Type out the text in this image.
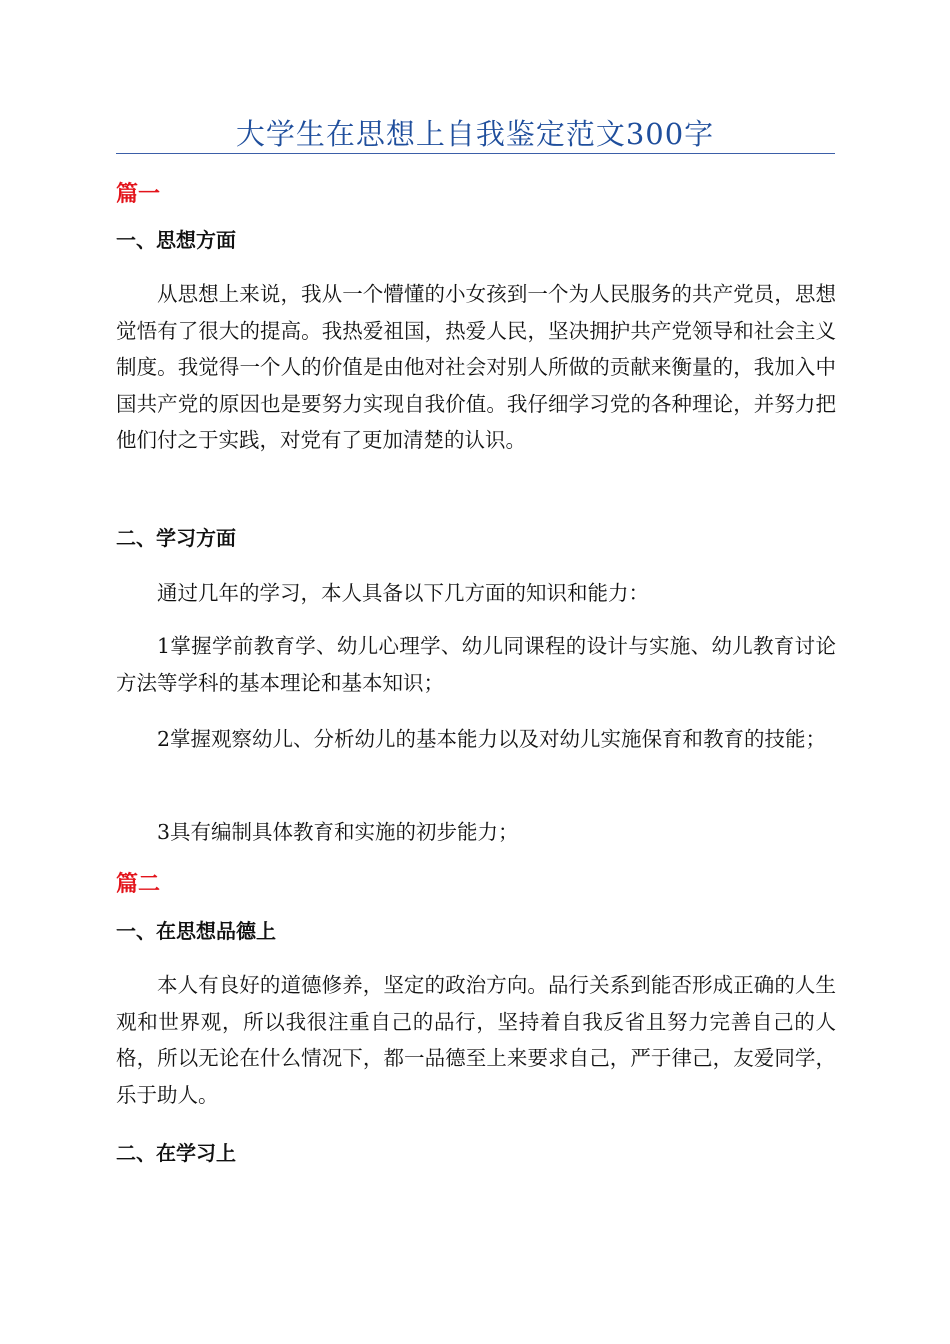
大学生在思想上自我鉴定范文300字
篇一
一、思想方面

从思想上来说，我从一个懵懂的小女孩到一个为人民服务的共产党员，思想觉悟有了很大的提高。我热爱祖国，热爱人民，坚决拥护共产党领导和社会主义制度。我觉得一个人的价值是由他对社会对别人所做的贡献来衡量的，我加入中国共产党的原因也是要努力实现自我价值。我仔细学习党的各种理论，并努力把他们付之于实践，对党有了更加清楚的认识。

二、学习方面

通过几年的学习，本人具备以下几方面的知识和能力：

1掌握学前教育学、幼儿心理学、幼儿同课程的设计与实施、幼儿教育讨论方法等学科的基本理论和基本知识；

2掌握观察幼儿、分析幼儿的基本能力以及对幼儿实施保育和教育的技能；

3具有编制具体教育和实施的初步能力；

篇二
一、在思想品德上

本人有良好的道德修养，坚定的政治方向。品行关系到能否形成正确的人生观和世界观，所以我很注重自己的品行，坚持着自我反省且努力完善自己的人格，所以无论在什么情况下，都一品德至上来要求自己，严于律己，友爱同学，乐于助人。

二、在学习上
